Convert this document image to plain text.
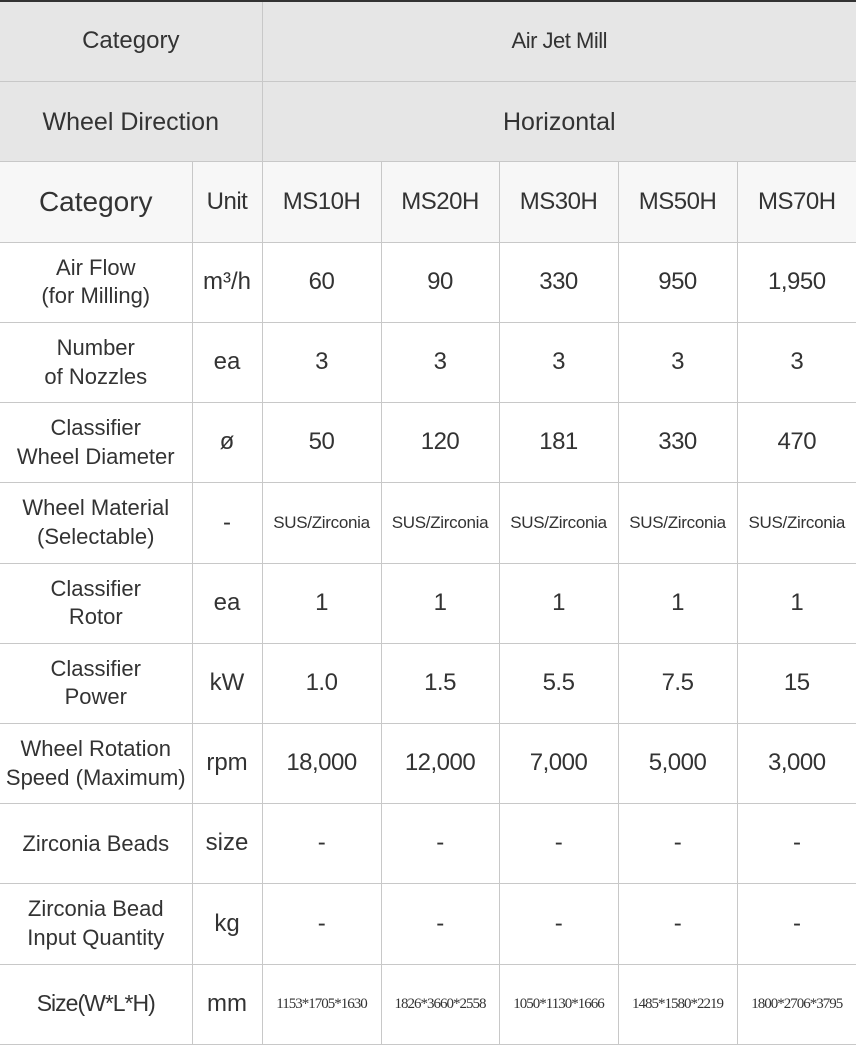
Category		Air Jet Mill				
Wheel Direction		Horizontal				
Category	Unit	MS10H	MS20H	MS30H	MS50H	MS70H
Air Flow
(for Milling)	m³/h	60	90	330	950	1,950
Number
of Nozzles	ea	3	3	3	3	3
Classifier
Wheel Diameter	ø	50	120	181	330	470
Wheel Material
(Selectable)	-	SUS/Zirconia	SUS/Zirconia	SUS/Zirconia	SUS/Zirconia	SUS/Zirconia
Classifier
Rotor	ea	1	1	1	1	1
Classifier
Power	kW	1.0	1.5	5.5	7.5	15
Wheel Rotation
Speed (Maximum)	rpm	18,000	12,000	7,000	5,000	3,000
Zirconia Beads	size	-	-	-	-	-
Zirconia Bead
Input Quantity	kg	-	-	-	-	-
Size(W*L*H)	mm	1153*1705*1630	1826*3660*2558	1050*1130*1666	1485*1580*2219	1800*2706*3795
